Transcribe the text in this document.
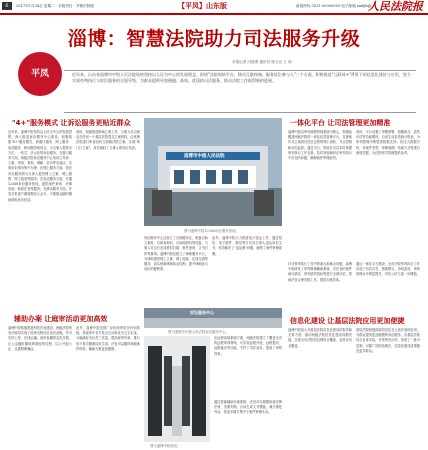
6	2017年1月24日 星期二 · 本版责任 · 齐鲁法制版	【平凤】山东版	新闻热线 0531-00000000 电子邮箱 rmfyb@...
人民法院报
淄博：智慧法院助力司法服务升级
平凤
本报记者 闫继勇 通讯员 陈玉良 王 琛
近年来，山东省淄博市中级人民法院始终坚持以人民为中心的发展理念，围绕"法院网络平台、移动互联终端、服务诉讼参与人"三个方面，积极推进"互联网+"背景下的信息化建设与应用，努力实现审判执行与诉讼服务的全面升级，为群众提供更加便捷、高效、优质的司法服务，推动法院工作取得新的进展。
"4+"服务模式 让诉讼服务更贴近群众
近年来，淄博中院坚持以人民为中心的发展思想，深入推进诉讼服务中心建设，积极构建"4+"服务模式，即窗口服务、网上服务、电话服务、移动服务相结合，为当事人提供全方位、一站式、多元化的诉讼服务。在窗口服务方面，两级法院诉讼服务中心均设立导诉、立案、咨询、查询、调解、信访等功能区，实现诉讼事务集中办理；在网上服务方面，依托诉讼服务网为当事人提供网上立案、网上缴费、网上阅卷等服务；在电话服务方面，开通12368诉讼服务热线，提供案件查询、法律咨询、联系法官等服务；在移动服务方面，开发手机客户端和微信公众号，方便群众随时随地获取诉讼信息。
同时，积极推进跨域立案工作，当事人可以就近在任何一个基层法院提交立案材料，由受理法院进行审查后转交管辖法院立案，实现"家门口立案"，有效减轻了当事人的诉讼负担。
淄博市中级人民法院
图为淄博中院12368诉讼服务热线。
一体化平台 让司法管理更加精准
淄博中院以审判流程管理系统为核心，构建起覆盖两级法院的一体化信息管理平台，实现案件从立案到归档全过程的网上流转、节点控制和动态监管。通过平台，院庭长可以实时掌握审判执行工作态势，及时发现和纠正审判执行中存在的问题，确保案件审理质效。
同时，平台设置了审限预警、超期督办、质效评估等功能模块，自动生成各类统计报表，为审判管理决策提供数据支持。依托大数据分析，对案件类型、审理周期、结案方式等进行深度挖掘，为法院科学管理提供参考。
诉讼服务中心还设立了自助服务区，配备自助立案机、自助查询机、自助阅卷机等设备，当事人可自行完成材料扫描、案件查询、文书打印等事项。淄博中院还建立了律师服务平台，为律师提供网上立案、网上阅卷、在线交流等服务，切实保障律师执业权利，提升律师参与诉讼的便利度。
此外，淄博中院大力推进电子送达工作，通过短信、电子邮件、微信等方式向当事人送达诉讼文书，有效解决了"送达难"问题，缩短了案件审理周期。
诉讼服务中心
图为淄博市中级人民法院诉讼服务中心。
辅助办案 让庭审活动更加高效
淄博中院积极推进科技法庭建设，两级法院所有法庭均实现了庭审全程同步录音录像，并可实时上传、在线点播。庭审直播常态化开展，让公众随时随地观看庭审过程，以公开促公正、以透明保廉洁。
此外，淄博中院还推广应用庭审语音识别系统，将庭审中各方发言自动转化为文字记录，大幅减轻书记员工作量，提高庭审效率。推行电子卷宗随案同步生成，法官可以随时调阅案件材料，辅助办案更加便捷。
图为淄博中院机房。
在远程视频系统方面，两级法院建立了覆盖全市的远程审判网络，可实现远程开庭、远程提讯、远程接访等功能，节约了司法成本，提高了审判效率。
信息化建设 让基层法院应用更加便捷
淄博中院加大对基层法院信息化建设的指导和支持力度，推动两级法院信息化建设均衡发展，实现全市法院信息网络全覆盖、业务应用全覆盖。
基层法院积极探索信息化在人民法庭的应用，为群众提供更加便捷的诉讼服务。各基层法院结合自身实际，开发特色应用，形成了一批可复制、可推广的经验做法，信息化建设成果惠及更多群众。
针对审判执行工作中的重点和难点问题，淄博中院研发了审判管理辅助系统，对法官的案件承办情况、审判质效指标等进行全面评估，帮助法官合理安排工作，提高办案效率。
通过一体化平台建设，全市法院审判执行工作实现了信息共享、资源整合、协同高效，审判管理水平明显提升，司法公信力进一步增强。
通过智能辅助办案系统，法官可以便捷检索法律法规、类案判例，自动生成文书模板，减少重复劳动，将更多精力集中于案件审理本身。
